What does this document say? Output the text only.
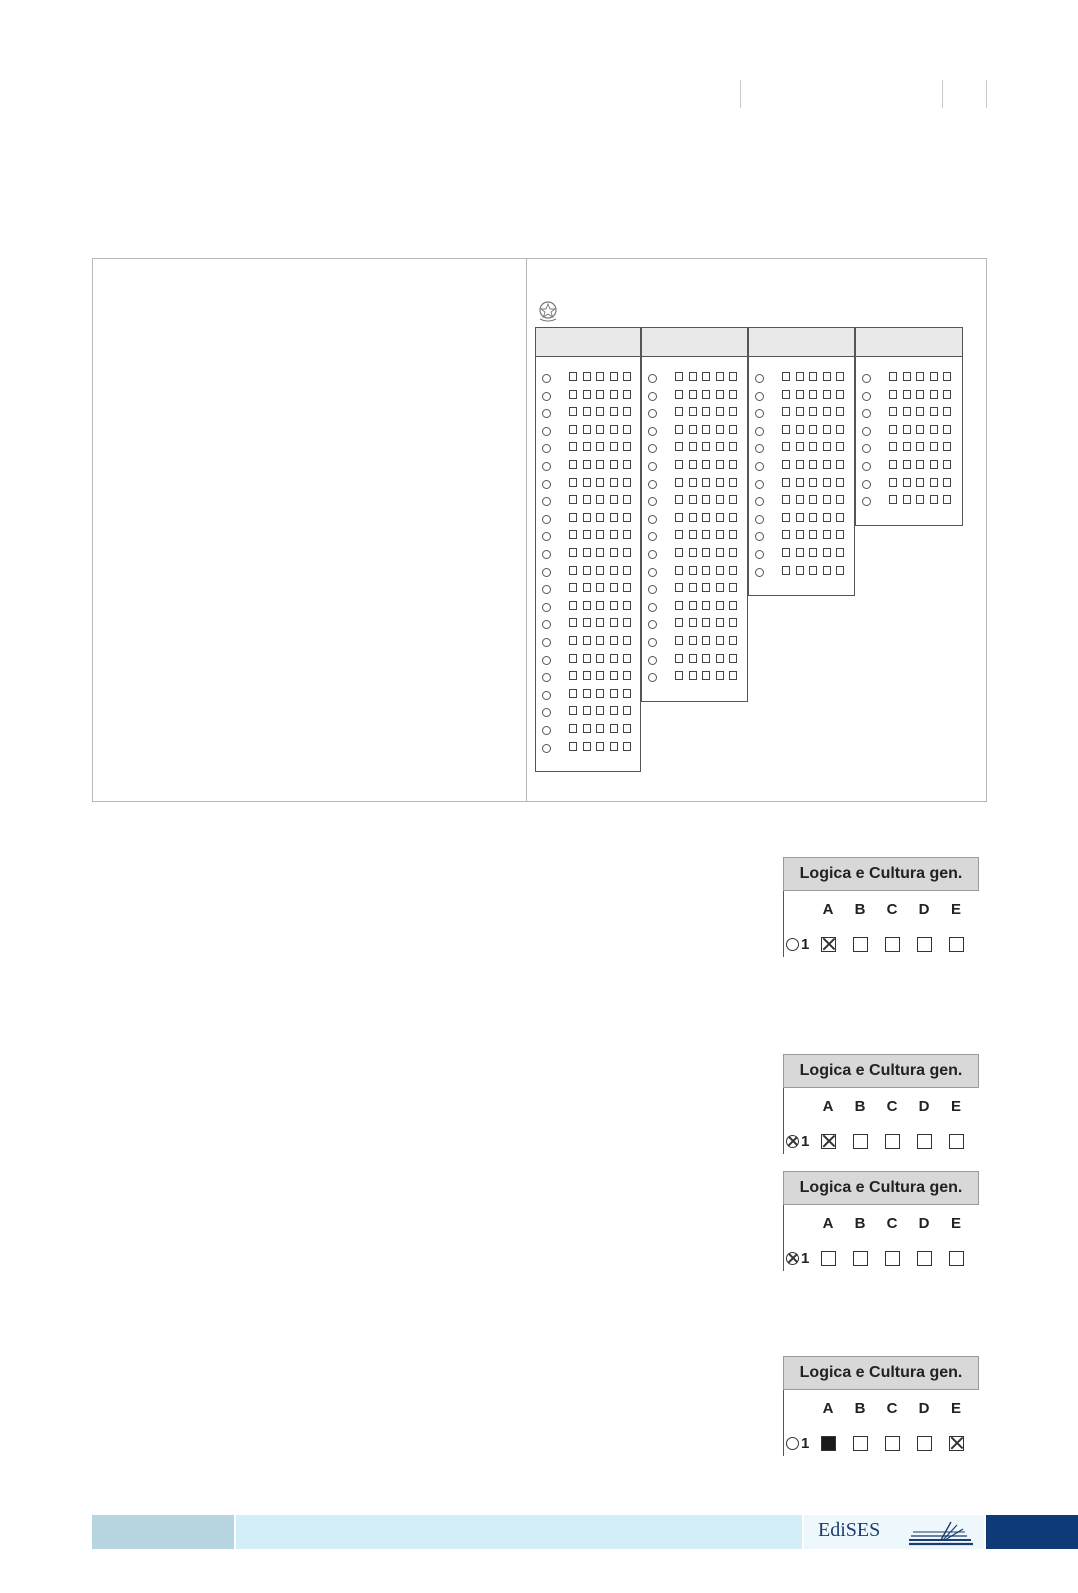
Logica e Cultura gen.
A B C D E
1
Logica e Cultura gen.
A B C D E
1
Logica e Cultura gen.
A B C D E
1
Logica e Cultura gen.
A B C D E
1
EdiSES
